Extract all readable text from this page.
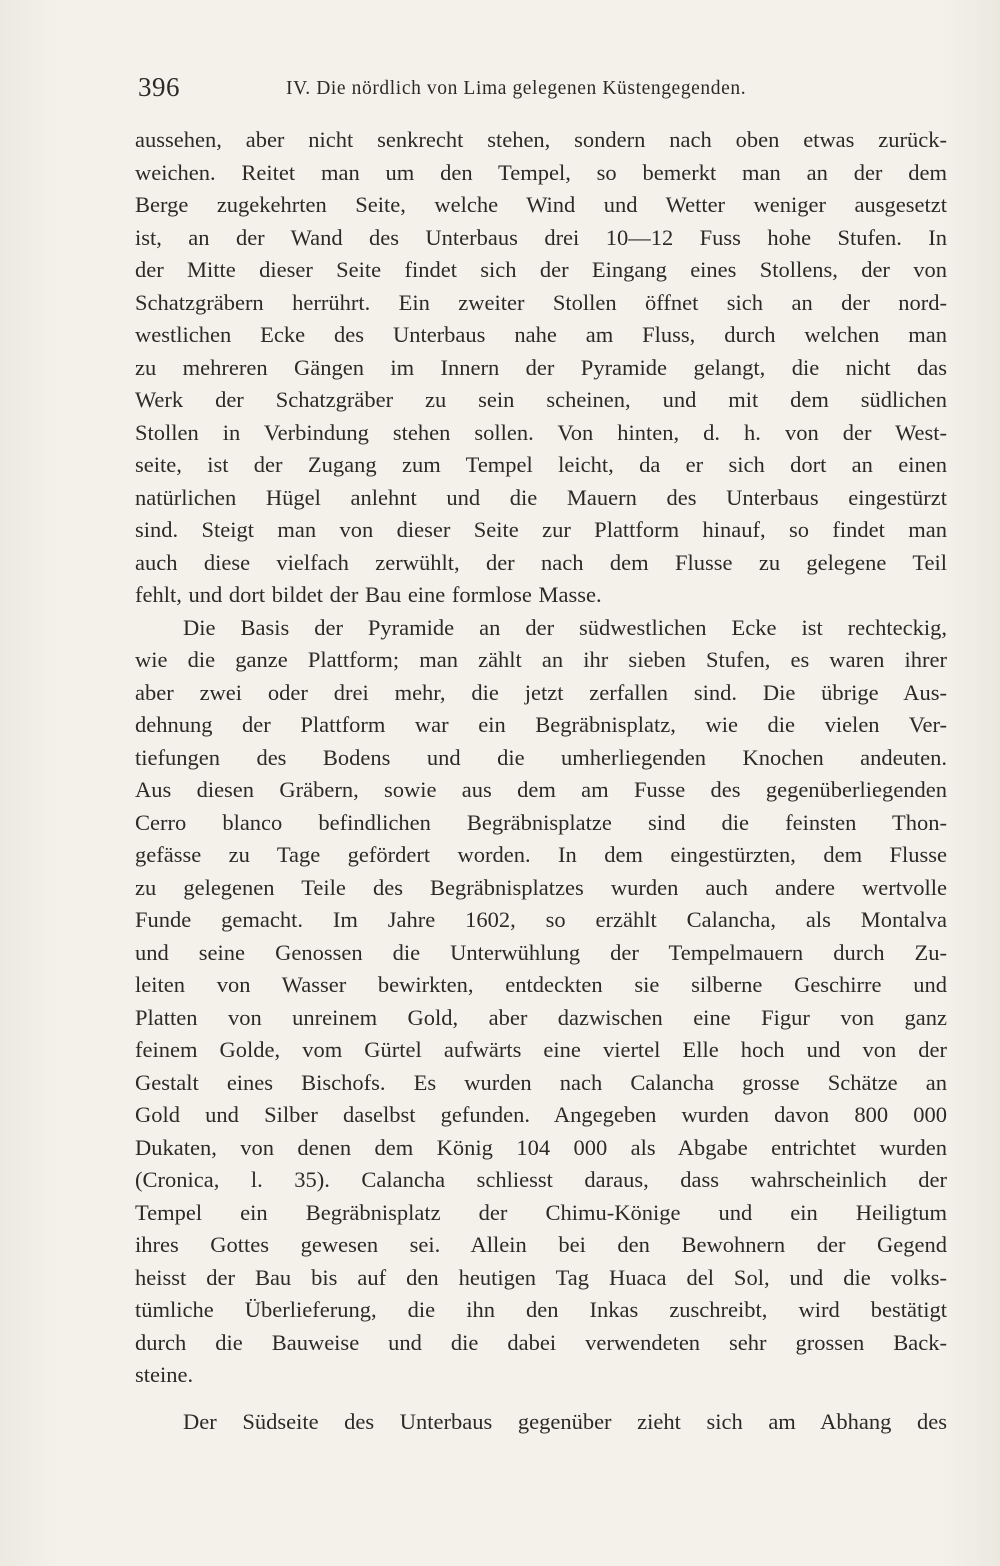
396	IV. Die nördlich von Lima gelegenen Küstengegenden.
aussehen, aber nicht senkrecht stehen, sondern nach oben etwas zurück-
weichen. Reitet man um den Tempel, so bemerkt man an der dem
Berge zugekehrten Seite, welche Wind und Wetter weniger ausgesetzt
ist, an der Wand des Unterbaus drei 10—12 Fuss hohe Stufen. In
der Mitte dieser Seite findet sich der Eingang eines Stollens, der von
Schatzgräbern herrührt. Ein zweiter Stollen öffnet sich an der nord-
westlichen Ecke des Unterbaus nahe am Fluss, durch welchen man
zu mehreren Gängen im Innern der Pyramide gelangt, die nicht das
Werk der Schatzgräber zu sein scheinen, und mit dem südlichen
Stollen in Verbindung stehen sollen. Von hinten, d. h. von der West-
seite, ist der Zugang zum Tempel leicht, da er sich dort an einen
natürlichen Hügel anlehnt und die Mauern des Unterbaus eingestürzt
sind. Steigt man von dieser Seite zur Plattform hinauf, so findet man
auch diese vielfach zerwühlt, der nach dem Flusse zu gelegene Teil
fehlt, und dort bildet der Bau eine formlose Masse.
Die Basis der Pyramide an der südwestlichen Ecke ist rechteckig,
wie die ganze Plattform; man zählt an ihr sieben Stufen, es waren ihrer
aber zwei oder drei mehr, die jetzt zerfallen sind. Die übrige Aus-
dehnung der Plattform war ein Begräbnisplatz, wie die vielen Ver-
tiefungen des Bodens und die umherliegenden Knochen andeuten.
Aus diesen Gräbern, sowie aus dem am Fusse des gegenüberliegenden
Cerro blanco befindlichen Begräbnisplatze sind die feinsten Thon-
gefässe zu Tage gefördert worden. In dem eingestürzten, dem Flusse
zu gelegenen Teile des Begräbnisplatzes wurden auch andere wertvolle
Funde gemacht. Im Jahre 1602, so erzählt Calancha, als Montalva
und seine Genossen die Unterwühlung der Tempelmauern durch Zu-
leiten von Wasser bewirkten, entdeckten sie silberne Geschirre und
Platten von unreinem Gold, aber dazwischen eine Figur von ganz
feinem Golde, vom Gürtel aufwärts eine viertel Elle hoch und von der
Gestalt eines Bischofs. Es wurden nach Calancha grosse Schätze an
Gold und Silber daselbst gefunden. Angegeben wurden davon 800 000
Dukaten, von denen dem König 104 000 als Abgabe entrichtet wurden
(Cronica, l. 35). Calancha schliesst daraus, dass wahrscheinlich der
Tempel ein Begräbnisplatz der Chimu-Könige und ein Heiligtum
ihres Gottes gewesen sei. Allein bei den Bewohnern der Gegend
heisst der Bau bis auf den heutigen Tag Huaca del Sol, und die volks-
tümliche Überlieferung, die ihn den Inkas zuschreibt, wird bestätigt
durch die Bauweise und die dabei verwendeten sehr grossen Back-
steine.
Der Südseite des Unterbaus gegenüber zieht sich am Abhang des
